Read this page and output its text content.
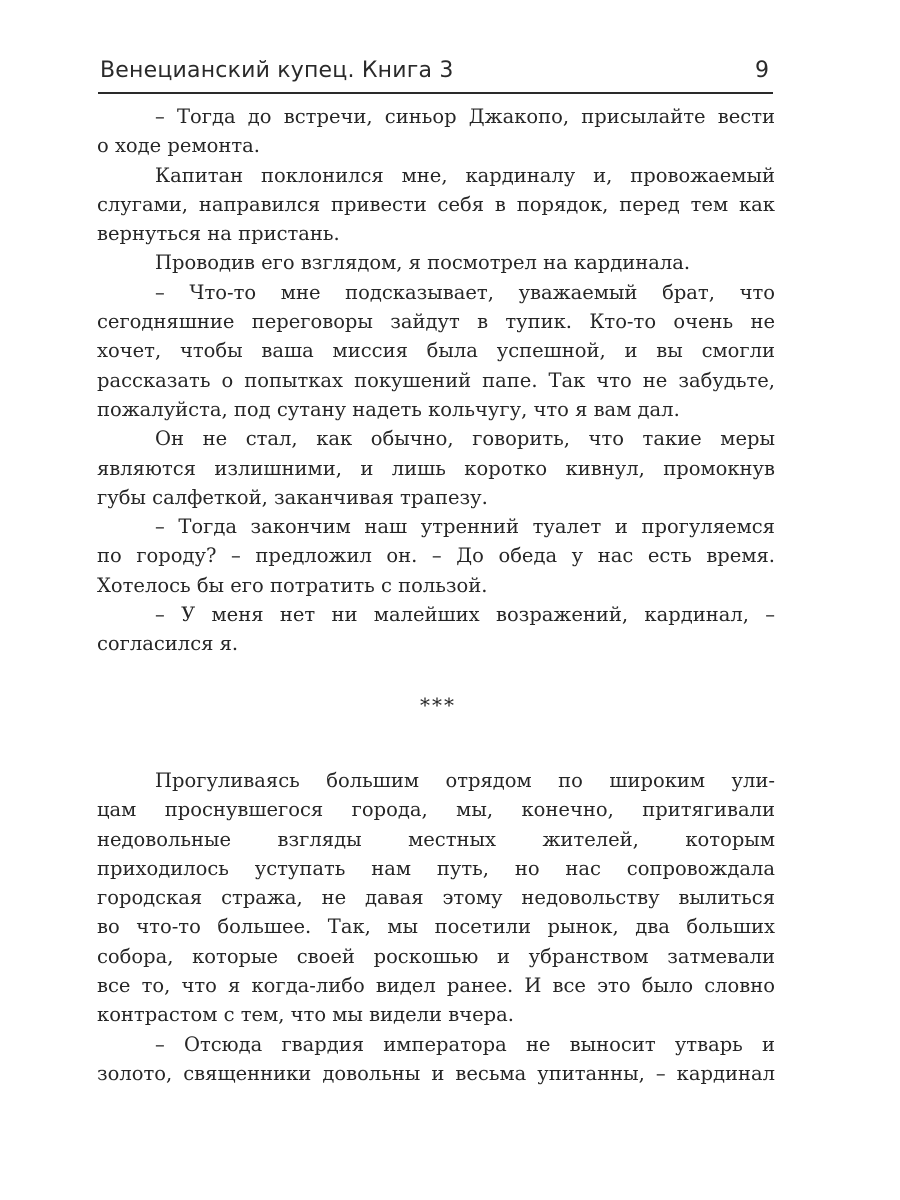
Венецианский купец. Книга 3	9
– Тогда до встречи, синьор Джакопо, присылайте вести
о ходе ремонта.
Капитан поклонился мне, кардиналу и, провожаемый
слугами, направился привести себя в порядок, перед тем как
вернуться на пристань.
Проводив его взглядом, я посмотрел на кардинала.
– Что-то мне подсказывает, уважаемый брат, что
сегодняшние переговоры зайдут в тупик. Кто-то очень не
хочет, чтобы ваша миссия была успешной, и вы смогли
рассказать о попытках покушений папе. Так что не забудьте,
пожалуйста, под сутану надеть кольчугу, что я вам дал.
Он не стал, как обычно, говорить, что такие меры
являются излишними, и лишь коротко кивнул, промокнув
губы салфеткой, заканчивая трапезу.
– Тогда закончим наш утренний туалет и прогуляемся
по городу? – предложил он. – До обеда у нас есть время.
Хотелось бы его потратить с пользой.
– У меня нет ни малейших возражений, кардинал, –
согласился я.
***
Прогуливаясь большим отрядом по широким ули-
цам проснувшегося города, мы, конечно, притягивали
недовольные взгляды местных жителей, которым
приходилось уступать нам путь, но нас сопровождала
городская стража, не давая этому недовольству вылиться
во что-то большее. Так, мы посетили рынок, два больших
собора, которые своей роскошью и убранством затмевали
все то, что я когда-либо видел ранее. И все это было словно
контрастом с тем, что мы видели вчера.
– Отсюда гвардия императора не выносит утварь и
золото, священники довольны и весьма упитанны, – кардинал
